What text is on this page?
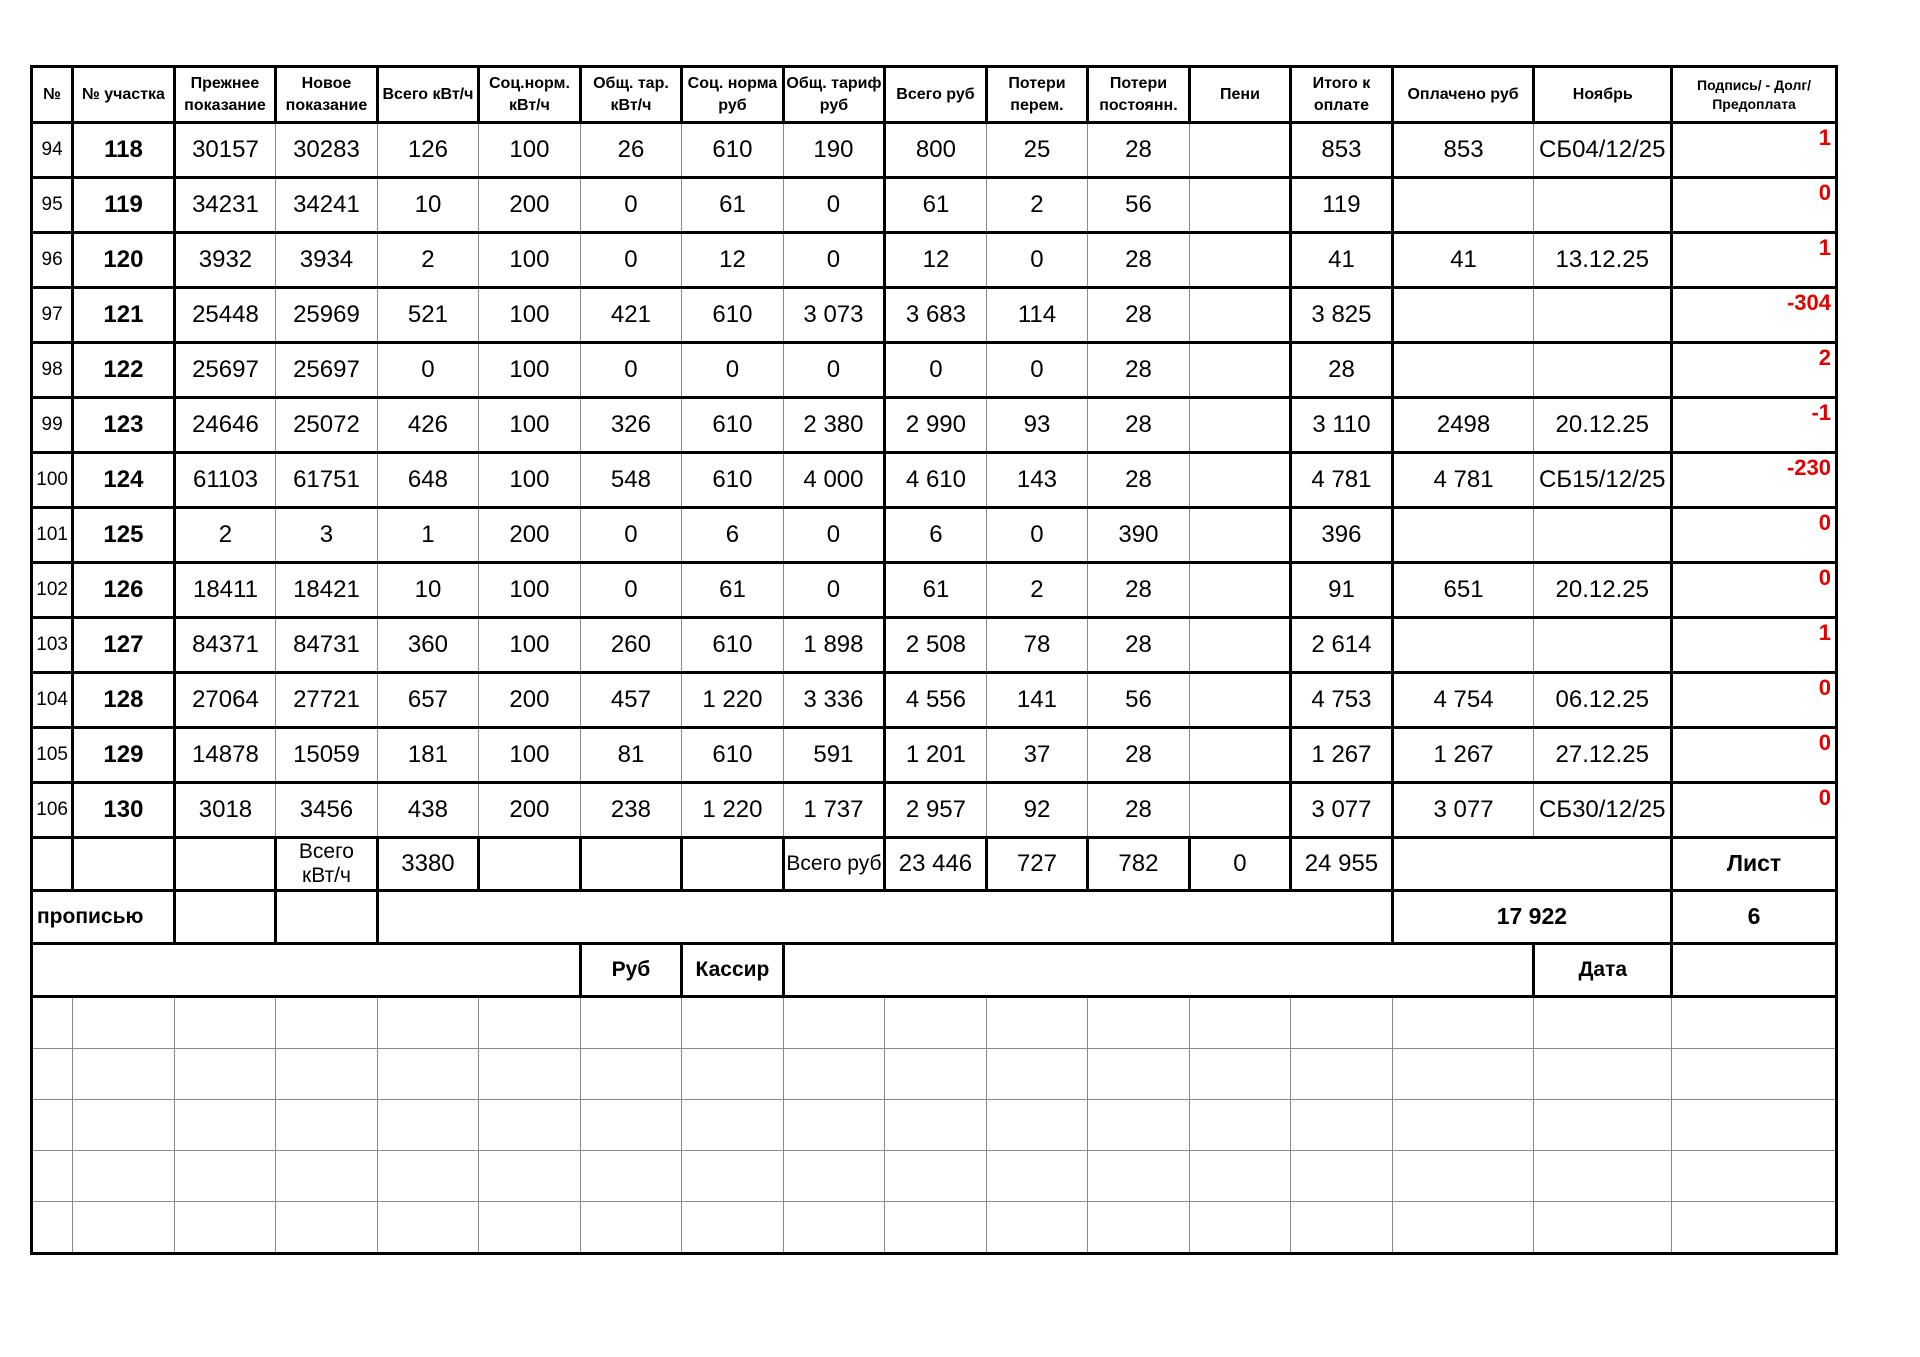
№	№ участка	Прежнее показание	Новое показание	Всего кВт/ч	Соц.норм. кВт/ч	Общ. тар. кВт/ч	Соц. норма руб	Общ. тариф руб	Всего руб	Потери перем.	Потери постоянн.	Пени	Итого к оплате	Оплачено руб	Ноябрь	Подпись/ - Долг/Предоплата
94	118	30157	30283	126	100	26	610	190	800	25	28		853	853	СБ04/12/25	1
95	119	34231	34241	10	200	0	61	0	61	2	56		119			0
96	120	3932	3934	2	100	0	12	0	12	0	28		41	41	13.12.25	1
97	121	25448	25969	521	100	421	610	3 073	3 683	114	28		3 825			-304
98	122	25697	25697	0	100	0	0	0	0	0	28		28			2
99	123	24646	25072	426	100	326	610	2 380	2 990	93	28		3 110	2498	20.12.25	-1
100	124	61103	61751	648	100	548	610	4 000	4 610	143	28		4 781	4 781	СБ15/12/25	-230
101	125	2	3	1	200	0	6	0	6	0	390		396			0
102	126	18411	18421	10	100	0	61	0	61	2	28		91	651	20.12.25	0
103	127	84371	84731	360	100	260	610	1 898	2 508	78	28		2 614			1
104	128	27064	27721	657	200	457	1 220	3 336	4 556	141	56		4 753	4 754	06.12.25	0
105	129	14878	15059	181	100	81	610	591	1 201	37	28		1 267	1 267	27.12.25	0
106	130	3018	3456	438	200	238	1 220	1 737	2 957	92	28		3 077	3 077	СБ30/12/25	0
			Всего кВт/ч	3380				Всего руб	23 446	727	782	0	24 955			Лист
прописью														17 922		6
						Руб	Кассир								Дата	
